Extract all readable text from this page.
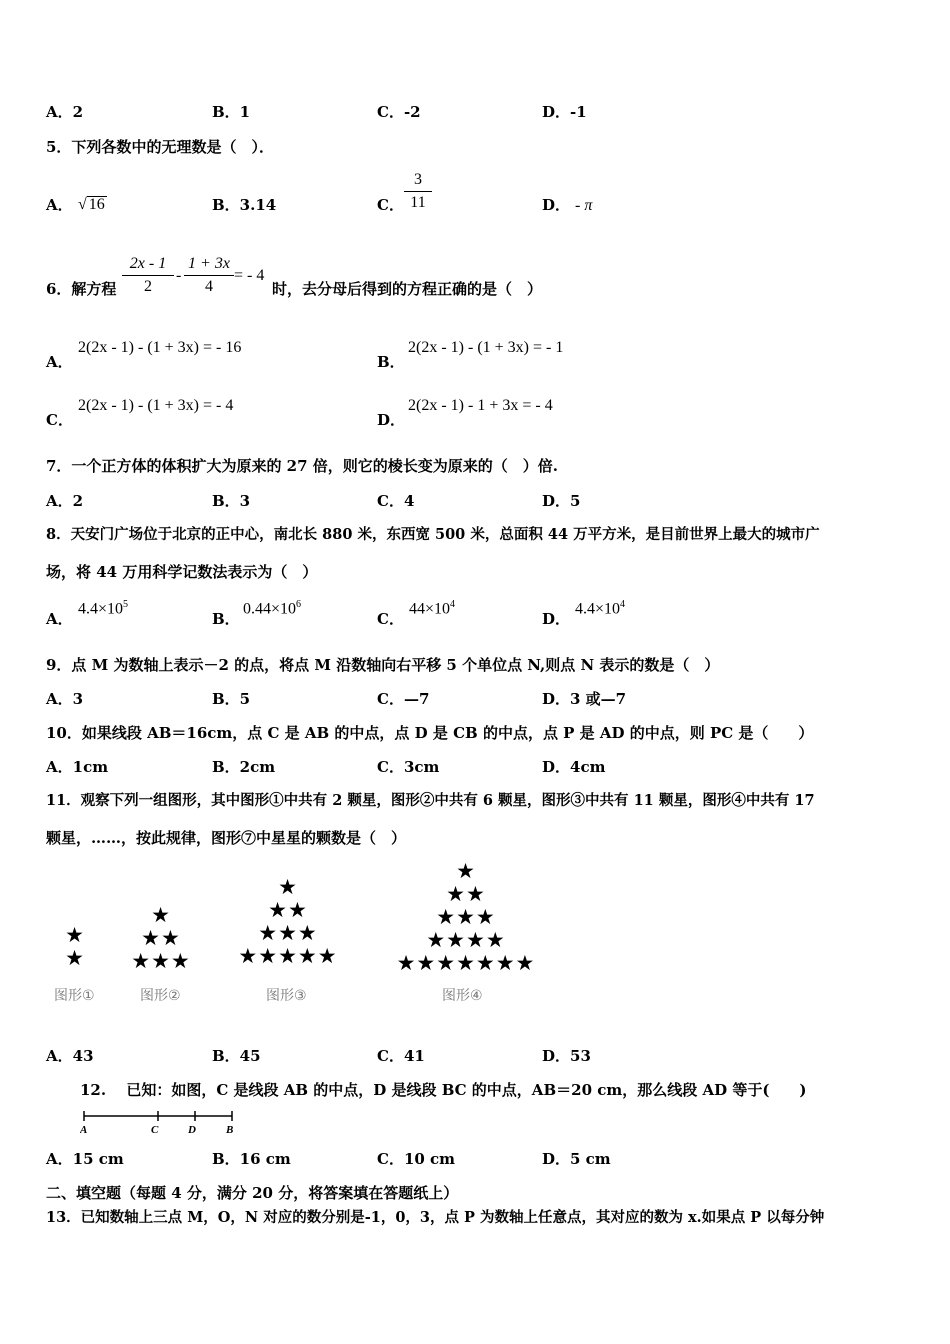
A．2	B．1	C．-2	D．-1
5．下列各数中的无理数是（　）．
A． √ 16	B．3.14	C． $\frac{3}{11}$	D． - π
6．解方程 $\frac{2x - 1}{2} - \frac{1 + 3x}{4}$ = - 4
时，去分母后得到的方程正确的是（　）
A．
2(2x - 1) - (1 + 3x) = - 16
B．
2(2x - 1) - (1 + 3x) = - 1
C．
2(2x - 1) - (1 + 3x) = - 4
D．
2(2x - 1) - 1 + 3x = - 4
7．一个正方体的体积扩大为原来的 27 倍，则它的棱长变为原来的（　）倍.
A．2	B．3	C．4	D．5
8．天安门广场位于北京的正中心，南北长 880 米，东西宽 500 米，总面积 44 万平方米，是目前世界上最大的城市广
场，将 44 万用科学记数法表示为（　）
A．
$4.4\times 10^5$
B．
$0.44\times 10^6$
C．
$44\times 10^4$
D．
$4.4\times 10^4$
9．点 M 为数轴上表示－2 的点，将点 M 沿数轴向右平移 5 个单位点 N,则点 N 表示的数是（　）
A．3	B．5	C．—7	D．3 或—7
10．如果线段 AB＝16cm，点 C 是 AB 的中点，点 D 是 CB 的中点，点 P 是 AD 的中点，则 PC 是（　　）
A．1cm	B．2cm	C．3cm	D．4cm
11．观察下列一组图形，其中图形①中共有 2 颗星，图形②中共有 6 颗星，图形③中共有 11 颗星，图形④中共有 17
颗星，……，按此规律，图形⑦中星星的颗数是（　）
★
★
★
★★
★★★
★
★★
★★★
★★★★★
★
★★
★★★
★★★★
★★★★★★★
图形①	图形②	图形③	图形④
A．43	B．45	C．41	D．53
12.　 已知：如图，C 是线段 AB 的中点，D 是线段 BC 的中点，AB＝20 cm，那么线段 AD 等于(　　)
A	C	D	B
A．15 cm	B．16 cm	C．10 cm	D．5 cm
二、填空题（每题 4 分，满分 20 分，将答案填在答题纸上）
13．已知数轴上三点 M，O，N 对应的数分别是-1，0，3，点 P 为数轴上任意点，其对应的数为 x.如果点 P 以每分钟
